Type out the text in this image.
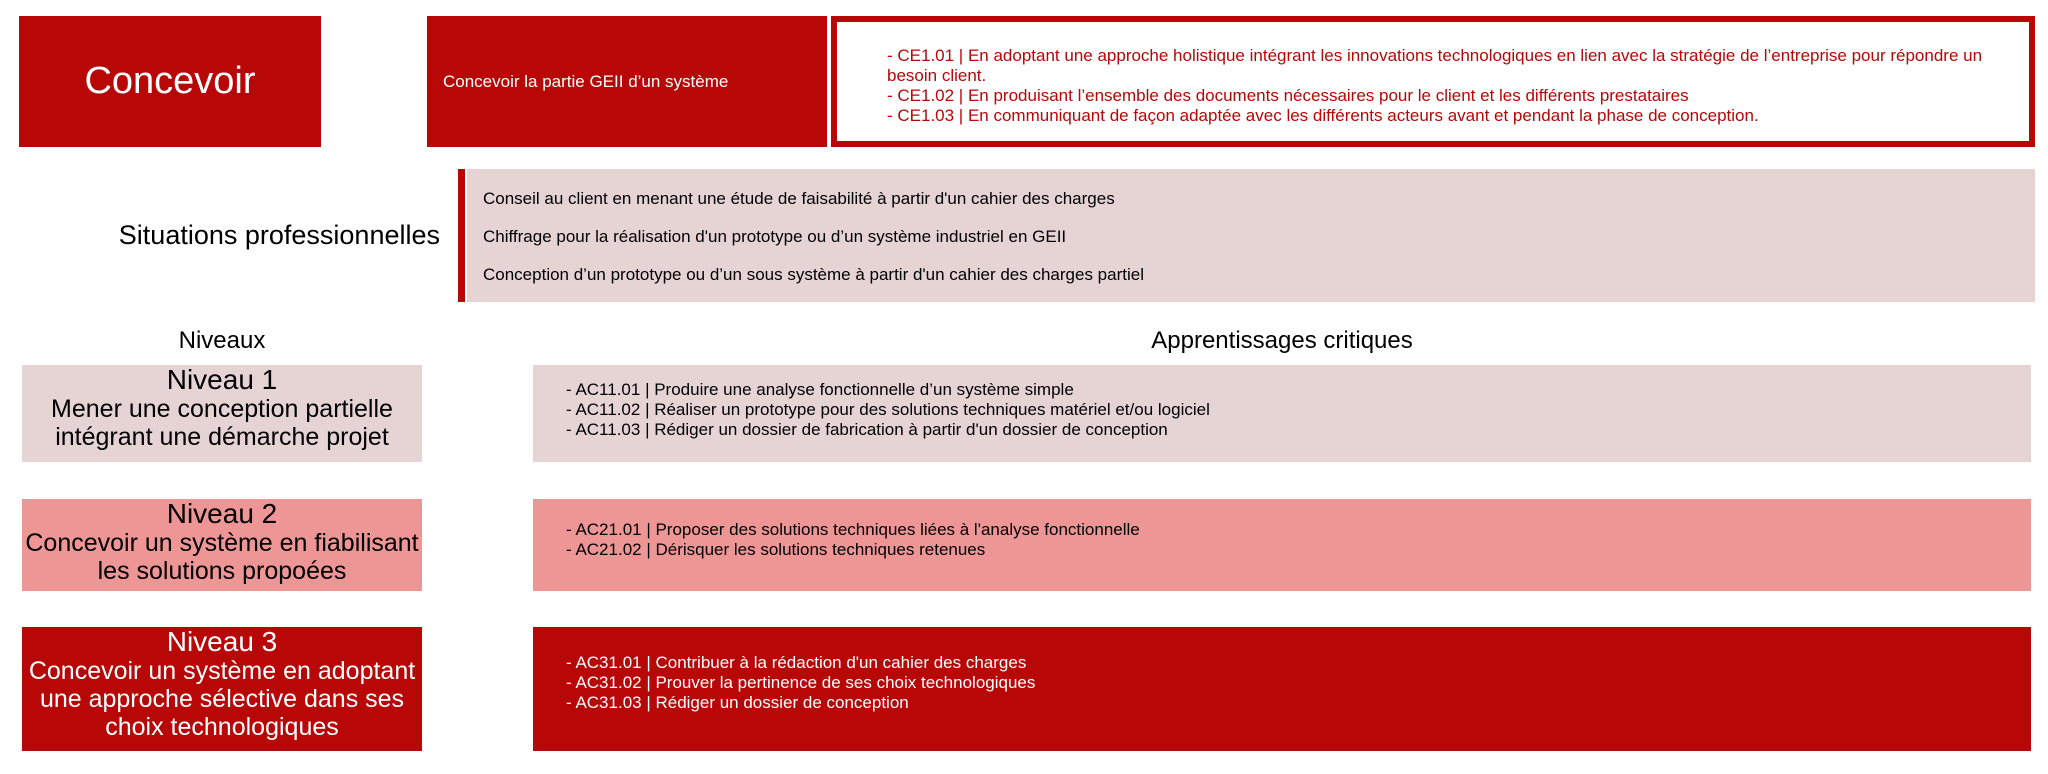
Concevoir	Concevoir la partie GEII d’un système
- CE1.01 | En adoptant une approche holistique intégrant les innovations technologiques en lien avec la stratégie de l’entreprise pour répondre un besoin client.
- CE1.02 | En produisant l’ensemble des documents nécessaires pour le client et les différents prestataires
- CE1.03 | En communiquant de façon adaptée avec les différents acteurs avant et pendant la phase de conception.
Situations professionnelles
Conseil au client en menant une étude de faisabilité à partir d'un cahier des charges
Chiffrage pour la réalisation d'un prototype ou d’un système industriel en GEII
Conception d’un prototype ou d’un sous système à partir d'un cahier des charges partiel
Niveaux	Apprentissages critiques
Niveau 1
Mener une conception partielle
intégrant une démarche projet
- AC11.01 | Produire une analyse fonctionnelle d’un système simple
- AC11.02 | Réaliser un prototype pour des solutions techniques matériel et/ou logiciel
- AC11.03 | Rédiger un dossier de fabrication à partir d'un dossier de conception
Niveau 2
Concevoir un système en fiabilisant
les solutions propoées
- AC21.01 | Proposer des solutions techniques liées à l'analyse fonctionnelle
- AC21.02 | Dérisquer les solutions techniques retenues
Niveau 3
Concevoir un système en adoptant
une approche sélective dans ses
choix technologiques
- AC31.01 | Contribuer à la rédaction d'un cahier des charges
- AC31.02 | Prouver la pertinence de ses choix technologiques
- AC31.03 | Rédiger un dossier de conception
